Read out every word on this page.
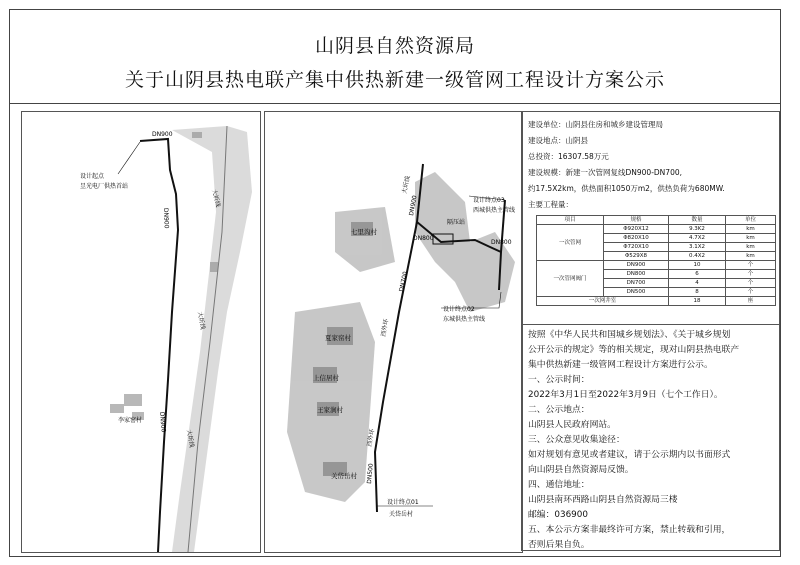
山阴县自然资源局
关于山阴县热电联产集中供热新建一级管网工程设计方案公示
DN900
设计起点
昱光电厂供热首站
大圻线
大圻线
大圻线
DN900
DN900
李家窑村
大圻线
设计终点03
西城供热主管线
隔压站
DN900
DN800
DN800
七里沟村
DN700
设计终点02
东城供热主管线
西外环
夏家窑村
上信居村
王家涧村
西外环
DN500
关岱岳村
设计终点01
关岱岳村
建设单位：山阴县住房和城乡建设管理局
建设地点：山阴县
总投资：16307.58万元
建设规模：新建一次管网复线DN900-DN700,
约17.5X2km，供热面积1050万m2，供热负荷为680MW.
主要工程量：
项目	规格	数量	单位
一次管网	Φ920X12	9.3K2	km
	Φ820X10	4.7X2	km
	Φ720X10	3.1X2	km
	Φ529X8	0.4X2	km
一次管网阀门	DN900	10	个
	DN800	6	个
	DN700	4	个
	DN500	8	个
一次网井室		18	座
按照《中华人民共和国城乡规划法》、《关于城乡规划
公开公示的规定》等的相关规定，现对山阴县热电联产
集中供热新建一级管网工程设计方案进行公示。
一、公示时间：
2022年3月1日至2022年3月9日（七个工作日）。
二、公示地点：
山阴县人民政府网站。
三、公众意见收集途径：
如对规划有意见或者建议，请于公示期内以书面形式
向山阴县自然资源局反馈。
四、通信地址：
山阴县南环西路山阴县自然资源局三楼
邮编：036900
五、本公示方案非最终许可方案，禁止转载和引用，
否则后果自负。
